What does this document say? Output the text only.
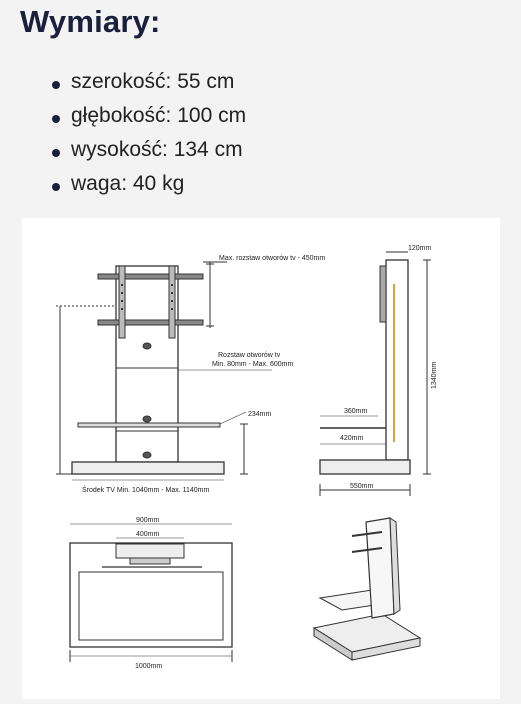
Wymiary:
szerokość: 55 cm
głębokość: 100 cm
wysokość: 134 cm
waga: 40 kg
Max. rozstaw otworów tv - 450mm
Rozstaw otworów tv
Min. 80mm - Max. 600mm
234mm
Środek TV Min. 1040mm - Max. 1140mm
120mm
1340mm
360mm
420mm
550mm
900mm
400mm
1000mm
